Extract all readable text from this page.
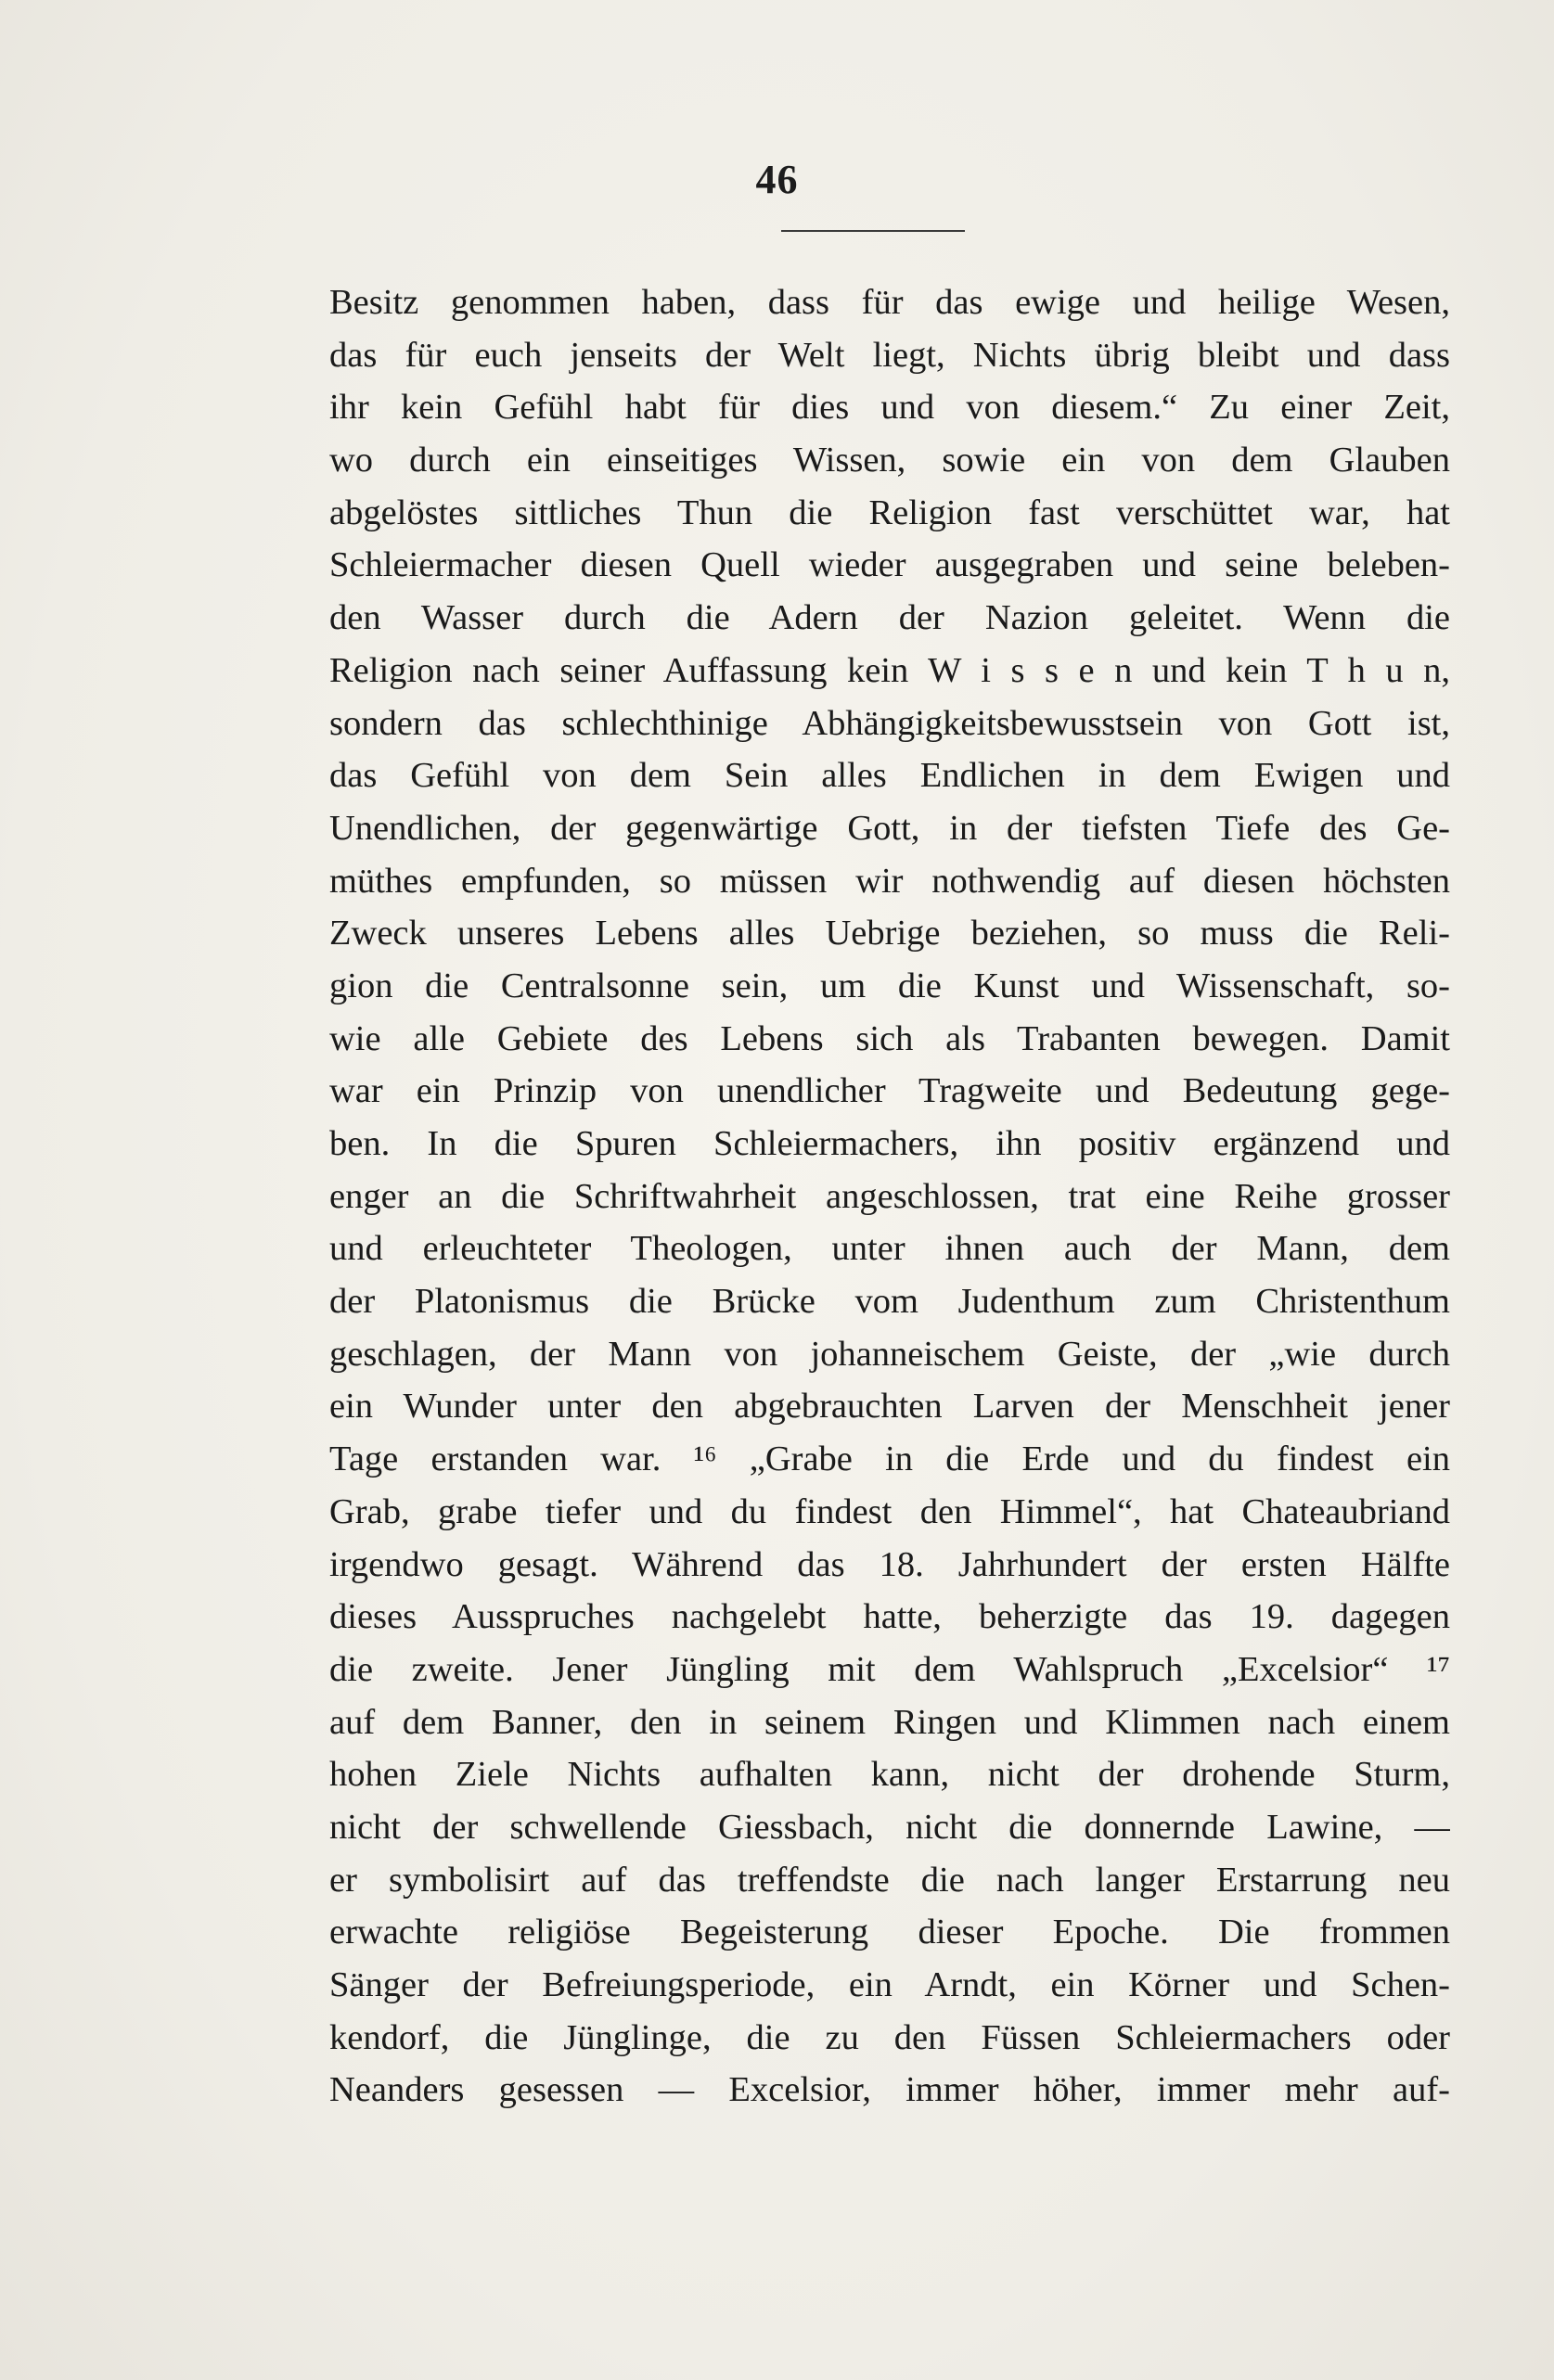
46
Besitz genommen haben, dass für das ewige und heilige Wesen,
das für euch jenseits der Welt liegt, Nichts übrig bleibt und dass
ihr kein Gefühl habt für dies und von diesem.“ Zu einer Zeit,
wo durch ein einseitiges Wissen, sowie ein von dem Glauben
abgelöstes sittliches Thun die Religion fast verschüttet war, hat
Schleiermacher diesen Quell wieder ausgegraben und seine beleben-
den Wasser durch die Adern der Nazion geleitet. Wenn die
Religion nach seiner Auffassung kein W i s s e n und kein T h u n,
sondern das schlechthinige Abhängigkeitsbewusstsein von Gott ist,
das Gefühl von dem Sein alles Endlichen in dem Ewigen und
Unendlichen, der gegenwärtige Gott, in der tiefsten Tiefe des Ge-
müthes empfunden, so müssen wir nothwendig auf diesen höchsten
Zweck unseres Lebens alles Uebrige beziehen, so muss die Reli-
gion die Centralsonne sein, um die Kunst und Wissenschaft, so-
wie alle Gebiete des Lebens sich als Trabanten bewegen. Damit
war ein Prinzip von unendlicher Tragweite und Bedeutung gege-
ben. In die Spuren Schleiermachers, ihn positiv ergänzend und
enger an die Schriftwahrheit angeschlossen, trat eine Reihe grosser
und erleuchteter Theologen, unter ihnen auch der Mann, dem
der Platonismus die Brücke vom Judenthum zum Christenthum
geschlagen, der Mann von johanneischem Geiste, der „wie durch
ein Wunder unter den abgebrauchten Larven der Menschheit jener
Tage erstanden war. ¹⁶ „Grabe in die Erde und du findest ein
Grab, grabe tiefer und du findest den Himmel“, hat Chateaubriand
irgendwo gesagt. Während das 18. Jahrhundert der ersten Hälfte
dieses Ausspruches nachgelebt hatte, beherzigte das 19. dagegen
die zweite. Jener Jüngling mit dem Wahlspruch „Excelsior“ ¹⁷
auf dem Banner, den in seinem Ringen und Klimmen nach einem
hohen Ziele Nichts aufhalten kann, nicht der drohende Sturm,
nicht der schwellende Giessbach, nicht die donnernde Lawine, —
er symbolisirt auf das treffendste die nach langer Erstarrung neu
erwachte religiöse Begeisterung dieser Epoche. Die frommen
Sänger der Befreiungsperiode, ein Arndt, ein Körner und Schen-
kendorf, die Jünglinge, die zu den Füssen Schleiermachers oder
Neanders gesessen — Excelsior, immer höher, immer mehr auf-
